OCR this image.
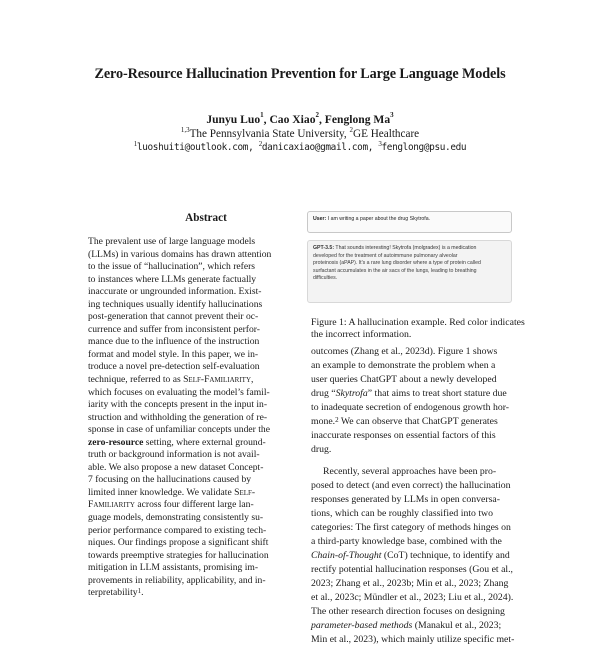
Zero-Resource Hallucination Prevention for Large Language Models
Junyu Luo$^1$, Cao Xiao$^2$, Fenglong Ma$^3$
$^{1,3}$The Pennsylvania State University, $^2$GE Healthcare
$^1$luoshuiti@outlook.com, $^2$danicaxiao@gmail.com, $^3$fenglong@psu.edu
Abstract
The prevalent use of large language models
(LLMs) in various domains has drawn attention
to the issue of “hallucination”, which refers
to instances where LLMs generate factually
inaccurate or ungrounded information. Exist-
ing techniques usually identify hallucinations
post-generation that cannot prevent their oc-
currence and suffer from inconsistent perfor-
mance due to the influence of the instruction
format and model style. In this paper, we in-
troduce a novel pre-detection self-evaluation
technique, referred to as Self-Familiarity,
which focuses on evaluating the model’s famil-
iarity with the concepts present in the input in-
struction and withholding the generation of re-
sponse in case of unfamiliar concepts under the
zero-resource setting, where external ground-
truth or background information is not avail-
able. We also propose a new dataset Concept-
7 focusing on the hallucinations caused by
limited inner knowledge. We validate Self-
Familiarity across four different large lan-
guage models, demonstrating consistently su-
perior performance compared to existing tech-
niques. Our findings propose a significant shift
towards preemptive strategies for hallucination
mitigation in LLM assistants, promising im-
provements in reliability, applicability, and in-
terpretability$^1$.
User: I am writing a paper about the drug Skytrofa.
GPT-3.5: That sounds interesting! Skytrofa (molgradex) is a medication
developed for the treatment of autoimmune pulmonary alveolar
proteinosis (aPAP). It's a rare lung disorder where a type of protein called
surfactant accumulates in the air sacs of the lungs, leading to breathing
difficulties.
Figure 1: A hallucination example. Red color indicates
the incorrect information.
outcomes (Zhang et al., 2023d). Figure 1 shows
an example to demonstrate the problem when a
user queries ChatGPT about a newly developed
drug “Skytrofa” that aims to treat short stature due
to inadequate secretion of endogenous growth hor-
mone.$^2$ We can observe that ChatGPT generates
inaccurate responses on essential factors of this
drug.
Recently, several approaches have been pro-
posed to detect (and even correct) the hallucination
responses generated by LLMs in open conversa-
tions, which can be roughly classified into two
categories: The first category of methods hinges on
a third-party knowledge base, combined with the
Chain-of-Thought (CoT) technique, to identify and
rectify potential hallucination responses (Gou et al.,
2023; Zhang et al., 2023b; Min et al., 2023; Zhang
et al., 2023c; Mündler et al., 2023; Liu et al., 2024).
The other research direction focuses on designing
parameter-based methods (Manakul et al., 2023;
Min et al., 2023), which mainly utilize specific met-
